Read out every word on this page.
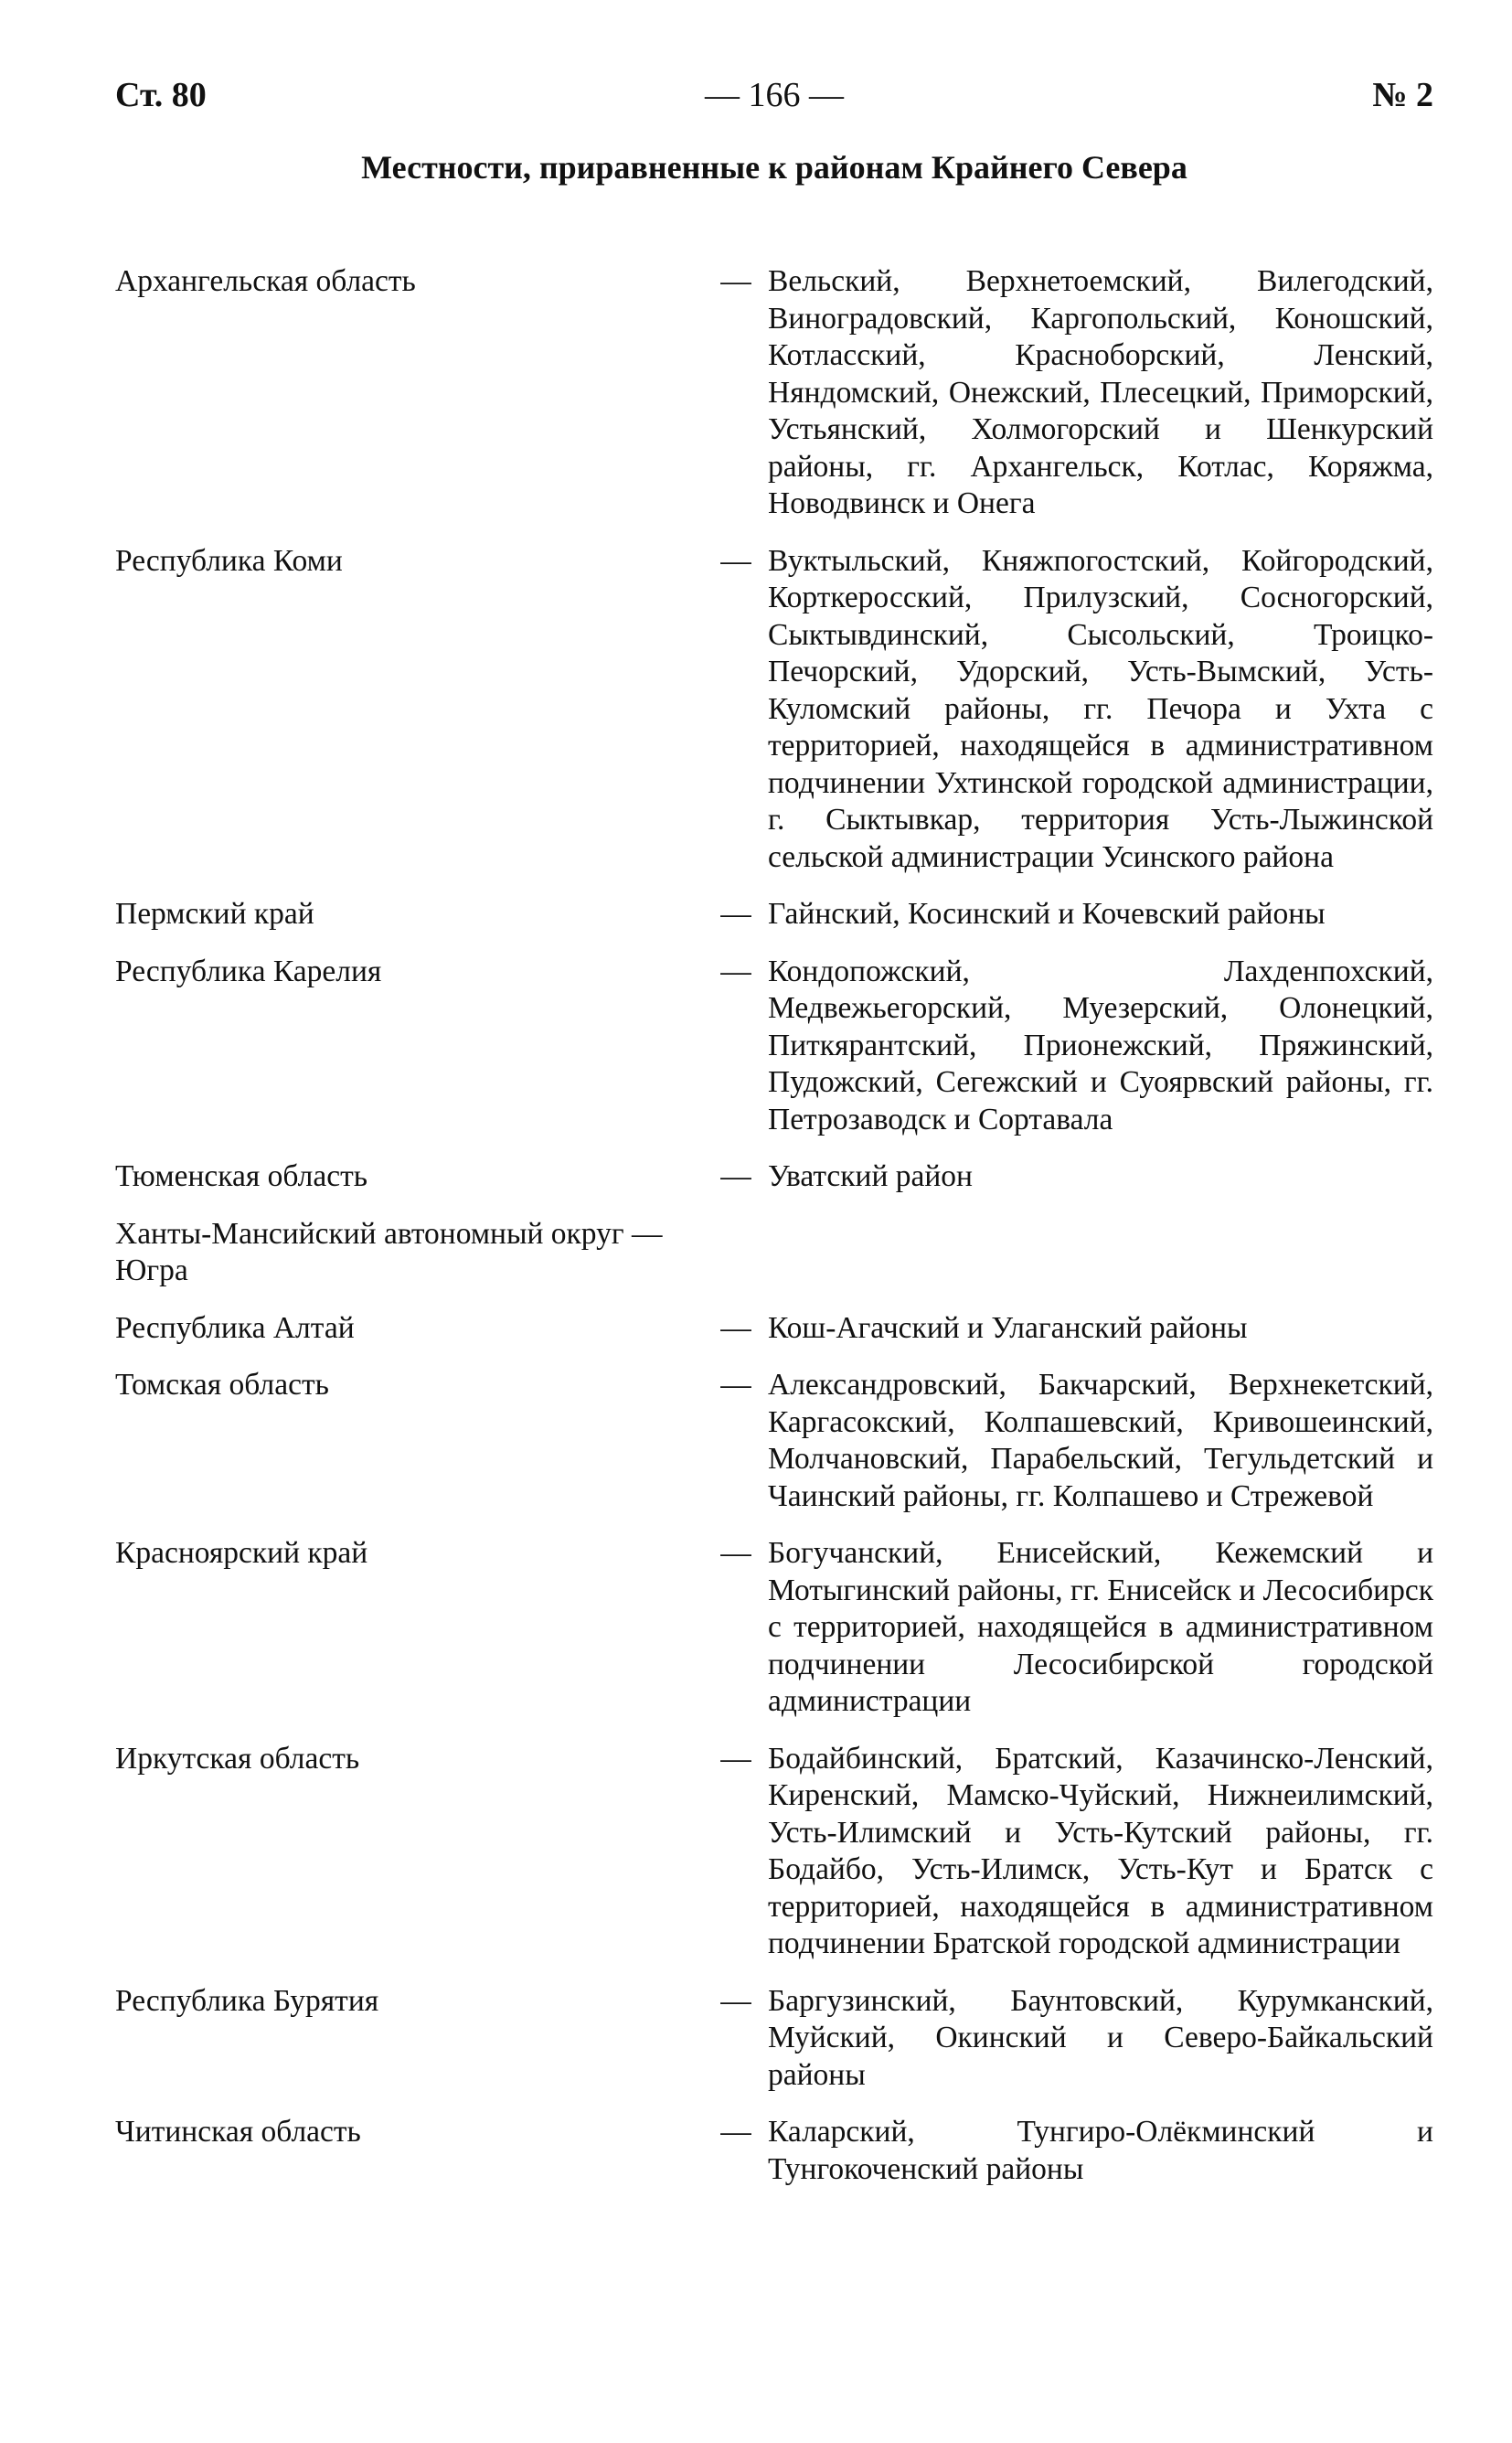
Ст. 80	— 166 —	№ 2
Местности, приравненные к районам Крайнего Севера
Архангельская область	— Вельский, Верхнетоемский, Вилегодский, Виноградовский, Каргопольский, Коношский, Котласский, Красноборский, Ленский, Няндомский, Онежский, Плесецкий, Приморский, Устьянский, Холмогорский и Шенкурский районы, гг. Архангельск, Котлас, Коряжма, Новодвинск и Онега
Республика Коми	— Вуктыльский, Княжпогостский, Койгородский, Корткеросский, Прилузский, Сосногорский, Сыктывдинский, Сысольский, Троицко-Печорский, Удорский, Усть-Вымский, Усть-Куломский районы, гг. Печора и Ухта с территорией, находящейся в административном подчинении Ухтинской городской администрации, г. Сыктывкар, территория Усть-Лыжинской сельской администрации Усинского района
Пермский край	— Гайнский, Косинский и Кочевский районы
Республика Карелия	— Кондопожский, Лахденпохский, Медвежьегорский, Муезерский, Олонецкий, Питкярантский, Прионежский, Пряжинский, Пудожский, Сегежский и Суоярвский районы, гг. Петрозаводск и Сортавала
Тюменская область	— Уватский район
Ханты-Мансийский автономный округ — Югра
Республика Алтай	— Кош-Агачский и Улаганский районы
Томская область	— Александровский, Бакчарский, Верхнекетский, Каргасокский, Колпашевский, Кривошеинский, Молчановский, Парабельский, Тегульдетский и Чаинский районы, гг. Колпашево и Стрежевой
Красноярский край	— Богучанский, Енисейский, Кежемский и Мотыгинский районы, гг. Енисейск и Лесосибирск с территорией, находящейся в административном подчинении Лесосибирской городской администрации
Иркутская область	— Бодайбинский, Братский, Казачинско-Ленский, Киренский, Мамско-Чуйский, Нижнеилимский, Усть-Илимский и Усть-Кутский районы, гг. Бодайбо, Усть-Илимск, Усть-Кут и Братск с территорией, находящейся в административном подчинении Братской городской администрации
Республика Бурятия	— Баргузинский, Баунтовский, Курумканский, Муйский, Окинский и Северо-Байкальский районы
Читинская область	— Каларский, Тунгиро-Олёкминский и Тунгокоченский районы
